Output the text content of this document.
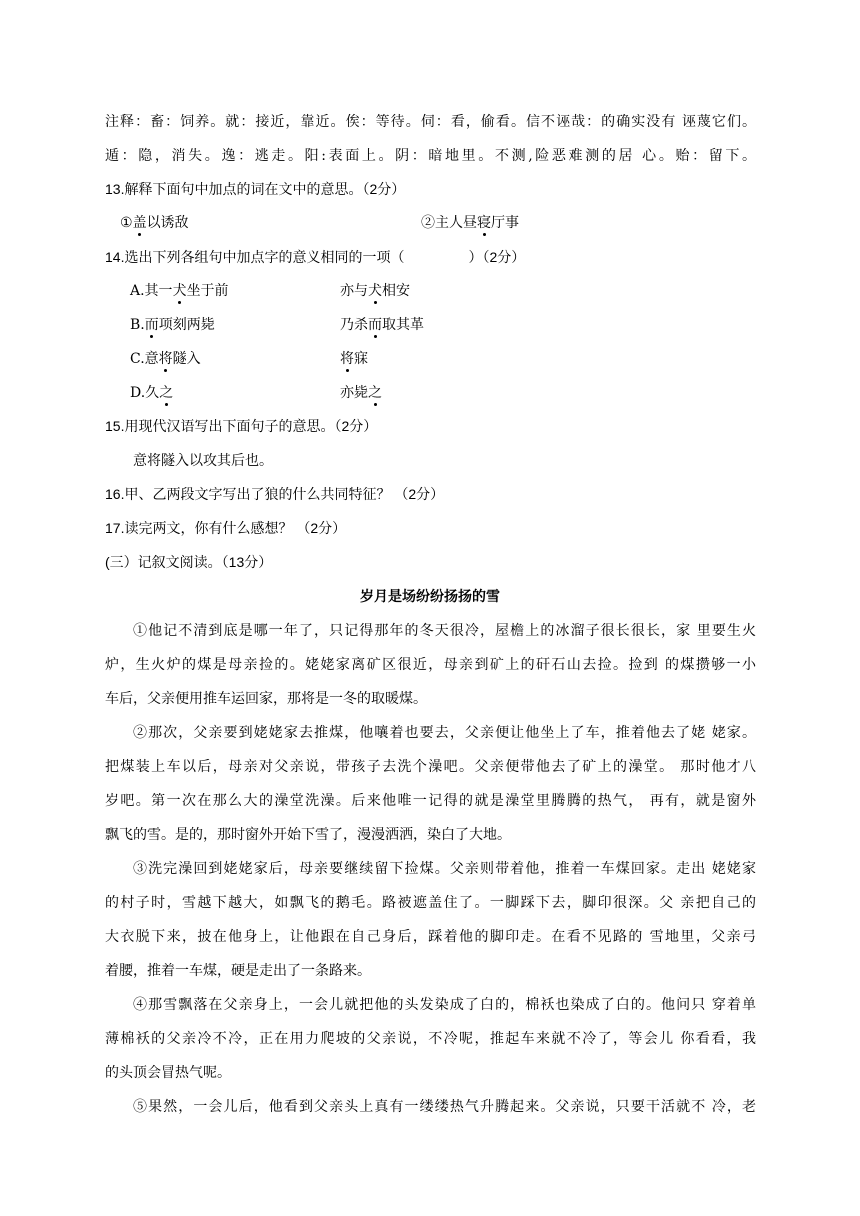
注释：畜：饲养。就：接近，靠近。俟：等待。伺：看，偷看。信不诬哉：的确实没有 诬蔑它们。
遁：隐，消失。逸：逃走。阳:表面上。阴：暗地里。不测,险恶难测的居 心。贻：留下。
13.解释下面句中加点的词在文中的意思。（2分）
①盖以诱敌	②主人昼寝厅事
14.选出下列各组句中加点字的意义相同的一项（	）（2分）
A.其一犬坐于前	亦与犬相安
B.而项刻两毙	乃杀而取其革
C.意将隧入	将寐
D.久之	亦毙之
15.用现代汉语写出下面句子的意思。（2分）
意将隧入以攻其后也。
16.甲、乙两段文字写出了狼的什么共同特征？ （2分）
17.读完两文，你有什么感想？ （2分）
(三）记叙文阅读。（13分）
岁月是场纷纷扬扬的雪
①他记不清到底是哪一年了，只记得那年的冬天很冷，屋檐上的冰溜子很长很长，家 里要生火
炉，生火炉的煤是母亲捡的。姥姥家离矿区很近，母亲到矿上的矸石山去捡。捡到 的煤攒够一小
车后，父亲便用推车运回家，那将是一冬的取暖煤。
②那次，父亲要到姥姥家去推煤，他嚷着也要去，父亲便让他坐上了车，推着他去了姥 姥家。
把煤装上车以后，母亲对父亲说，带孩子去洗个澡吧。父亲便带他去了矿上的澡堂。 那时他才八
岁吧。第一次在那么大的澡堂洗澡。后来他唯一记得的就是澡堂里腾腾的热气， 再有，就是窗外
飘飞的雪。是的，那时窗外开始下雪了，漫漫洒洒，染白了大地。
③洗完澡回到姥姥家后，母亲要继续留下捡煤。父亲则带着他，推着一车煤回家。走出 姥姥家
的村子时，雪越下越大，如飘飞的鹅毛。路被遮盖住了。一脚踩下去，脚印很深。父 亲把自己的
大衣脱下来，披在他身上，让他跟在自己身后，踩着他的脚印走。在看不见路的 雪地里，父亲弓
着腰，推着一车煤，硬是走出了一条路来。
④那雪飘落在父亲身上，一会儿就把他的头发染成了白的，棉袄也染成了白的。他问只 穿着单
薄棉袄的父亲冷不冷，正在用力爬坡的父亲说，不冷呢，推起车来就不冷了，等会儿 你看看，我
的头顶会冒热气呢。
⑤果然，一会儿后，他看到父亲头上真有一缕缕热气升腾起来。父亲说，只要干活就不 冷，老
